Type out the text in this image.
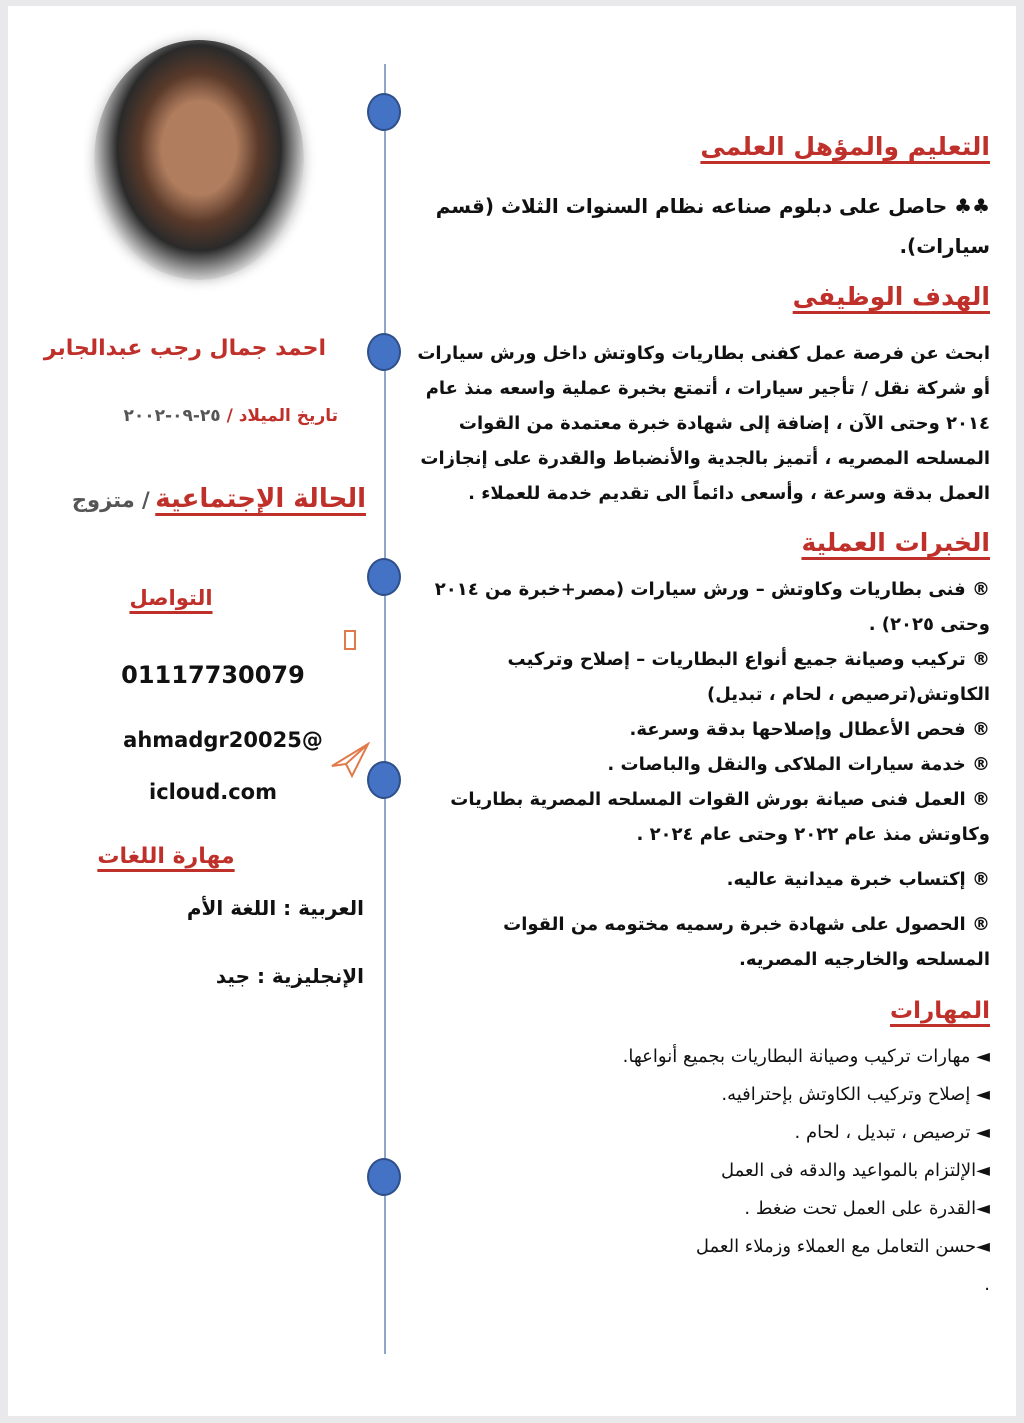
احمد جمال رجب عبدالجابر
تاريخ الميلاد / ٢٥-٠٩-٢٠٠٢
الحالة الإجتماعية / متزوج
التواصل
01117730079
ahmadgr20025@
icloud.com
مهارة اللغات
العربية : اللغة الأم
الإنجليزية : جيد
التعليم والمؤهل العلمى
♣♣ حاصل على دبلوم صناعه نظام السنوات الثلاث (قسم سيارات).
الهدف الوظيفى
ابحث عن فرصة عمل كفنى بطاريات وكاوتش داخل ورش سيارات أو شركة نقل / تأجير سيارات ، أتمتع بخبرة عملية واسعه منذ عام ٢٠١٤ وحتى الآن ، إضافة إلى شهادة خبرة معتمدة من القوات المسلحه المصريه ، أتميز بالجدية والأنضباط والقدرة على إنجازات العمل بدقة وسرعة ، وأسعى دائماً الى تقديم خدمة للعملاء .
الخبرات العملية
® فنى بطاريات وكاوتش – ورش سيارات (مصر+خبرة من ٢٠١٤ وحتى ٢٠٢٥) .
® تركيب وصيانة جميع أنواع البطاريات – إصلاح وتركيب الكاوتش(ترصيص ، لحام ، تبديل)
® فحص الأعطال وإصلاحها بدقة وسرعة.
® خدمة سيارات الملاكى والنقل والباصات .
® العمل فنى صيانة بورش القوات المسلحه المصرية بطاريات وكاوتش منذ عام ٢٠٢٢ وحتى عام ٢٠٢٤ .
® إكتساب خبرة ميدانية عاليه.
® الحصول على شهادة خبرة رسميه مختومه من القوات المسلحه والخارجيه المصريه.
المهارات
◄ مهارات تركيب وصيانة البطاريات بجميع أنواعها.
◄ إصلاح وتركيب الكاوتش بإحترافيه.
◄ ترصيص ، تبديل ، لحام .
◄الإلتزام بالمواعيد والدقه فى العمل
◄القدرة على العمل تحت ضغط .
◄حسن التعامل مع العملاء وزملاء العمل
.
